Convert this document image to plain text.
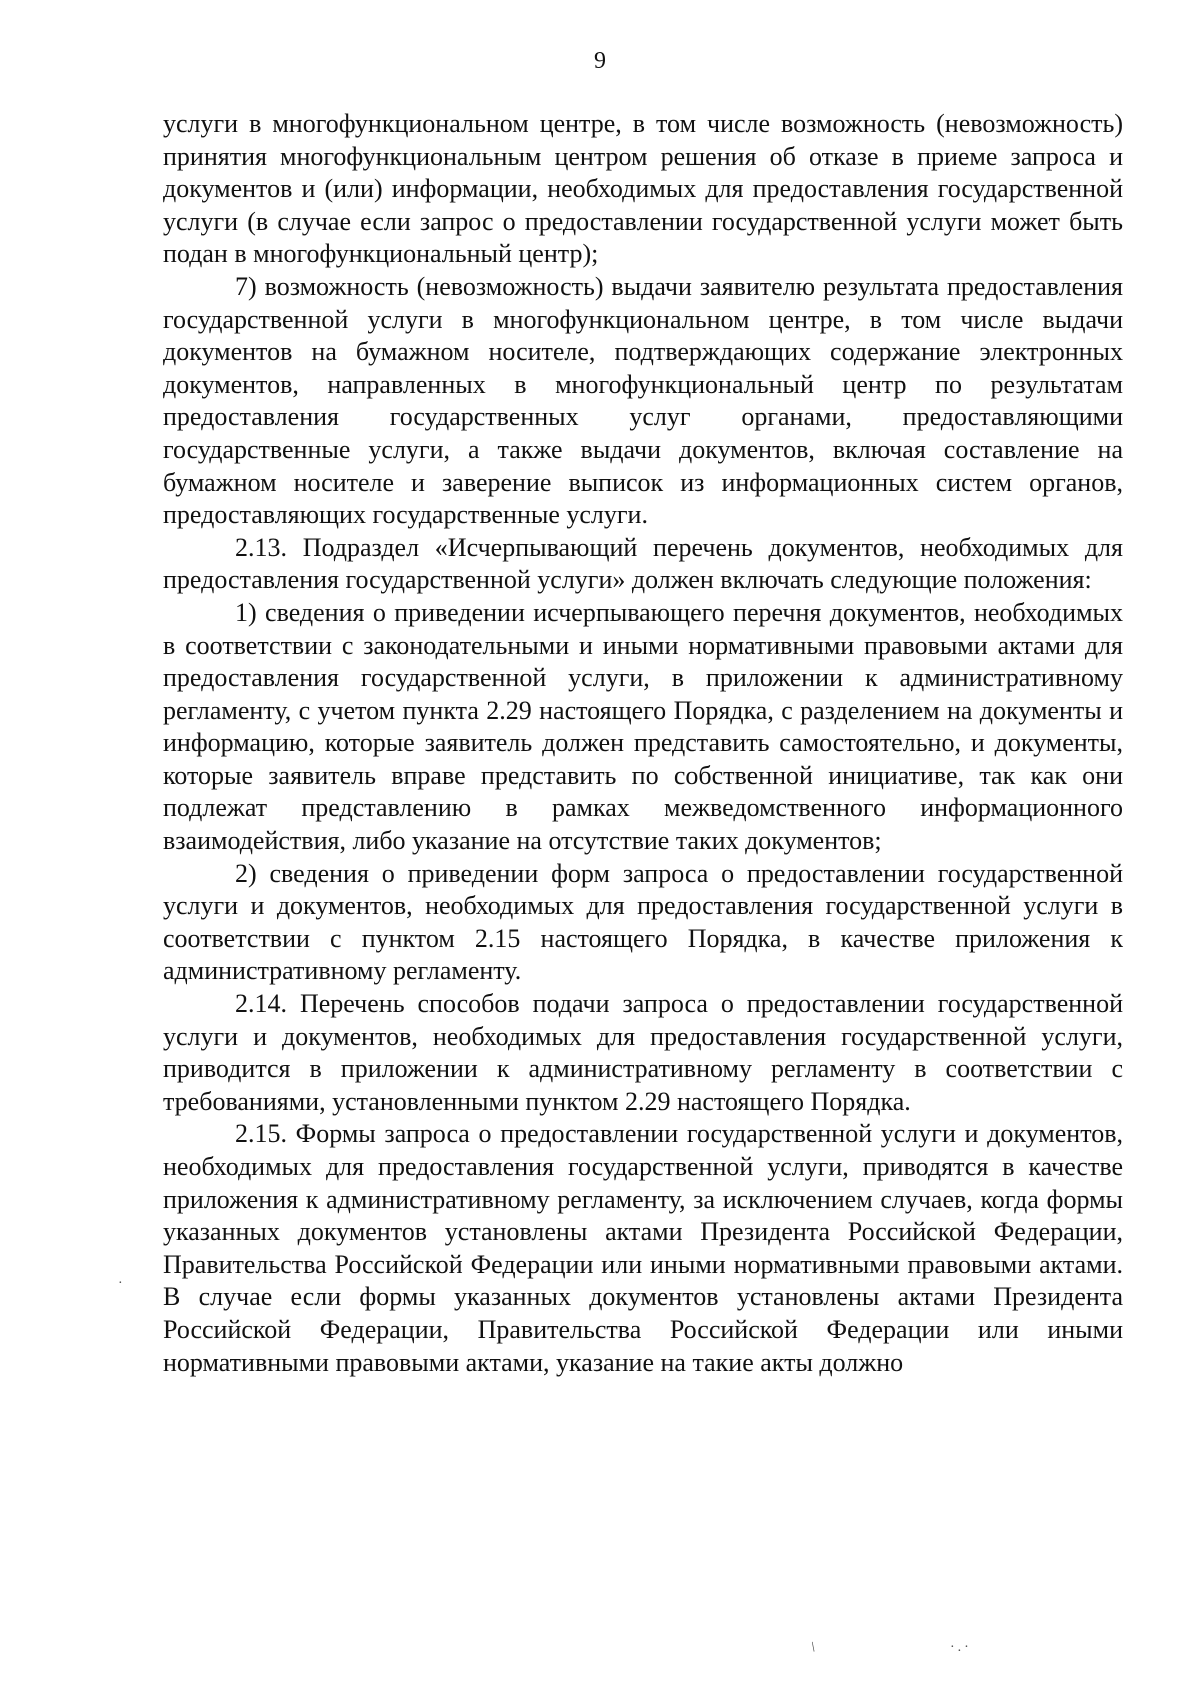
9

услуги в многофункциональном центре, в том числе возможность (невозможность) принятия многофункциональным центром решения об отказе в приеме запроса и документов и (или) информации, необходимых для предоставления государственной услуги (в случае если запрос о предоставлении государственной услуги может быть подан в многофункциональный центр);

7) возможность (невозможность) выдачи заявителю результата предоставления государственной услуги в многофункциональном центре, в том числе выдачи документов на бумажном носителе, подтверждающих содержание электронных документов, направленных в многофункциональный центр по результатам предоставления государственных услуг органами, предоставляющими государственные услуги, а также выдачи документов, включая составление на бумажном носителе и заверение выписок из информационных систем органов, предоставляющих государственные услуги.

2.13. Подраздел «Исчерпывающий перечень документов, необходимых для предоставления государственной услуги» должен включать следующие положения:

1) сведения о приведении исчерпывающего перечня документов, необходимых в соответствии с законодательными и иными нормативными правовыми актами для предоставления государственной услуги, в приложении к административному регламенту, с учетом пункта 2.29 настоящего Порядка, с разделением на документы и информацию, которые заявитель должен представить самостоятельно, и документы, которые заявитель вправе представить по собственной инициативе, так как они подлежат представлению в рамках межведомственного информационного взаимодействия, либо указание на отсутствие таких документов;

2) сведения о приведении форм запроса о предоставлении государственной услуги и документов, необходимых для предоставления государственной услуги в соответствии с пунктом 2.15 настоящего Порядка, в качестве приложения к административному регламенту.

2.14. Перечень способов подачи запроса о предоставлении государственной услуги и документов, необходимых для предоставления государственной услуги, приводится в приложении к административному регламенту в соответствии с требованиями, установленными пунктом 2.29 настоящего Порядка.

2.15. Формы запроса о предоставлении государственной услуги и документов, необходимых для предоставления государственной услуги, приводятся в качестве приложения к административному регламенту, за исключением случаев, когда формы указанных документов установлены актами Президента Российской Федерации, Правительства Российской Федерации или иными нормативными правовыми актами. В случае если формы указанных документов установлены актами Президента Российской Федерации, Правительства Российской Федерации или иными нормативными правовыми актами, указание на такие акты должно

·
/	·.·
